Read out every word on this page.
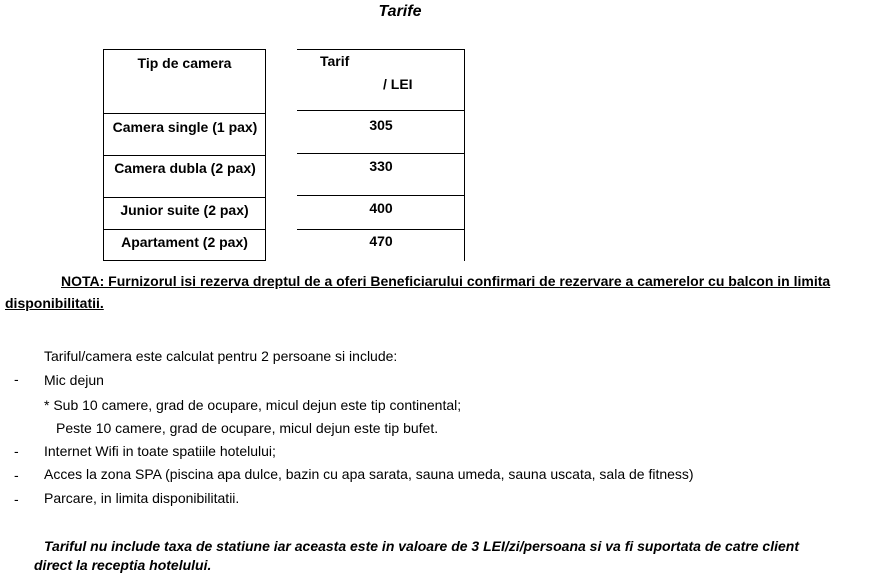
Tarife
Tip de camera	Tarif
/ LEI
Camera single (1 pax)	305
Camera dubla (2 pax)	330
Junior suite (2 pax)	400
Apartament (2 pax)	470
NOTA: Furnizorul isi rezerva dreptul de a oferi Beneficiarului confirmari de rezervare a camerelor cu balcon in limita disponibilitatii.
Tariful/camera este calculat pentru 2 persoane si include:
- Mic dejun
* Sub 10 camere, grad de ocupare, micul dejun este tip continental;
Peste 10 camere, grad de ocupare, micul dejun este tip bufet.
- Internet Wifi in toate spatiile hotelului;
- Acces la zona SPA (piscina apa dulce, bazin cu apa sarata, sauna umeda, sauna uscata, sala de fitness)
- Parcare, in limita disponibilitatii.
Tariful nu include taxa de statiune iar aceasta este in valoare de 3 LEI/zi/persoana si va fi suportata de catre client direct la receptia hotelului.
